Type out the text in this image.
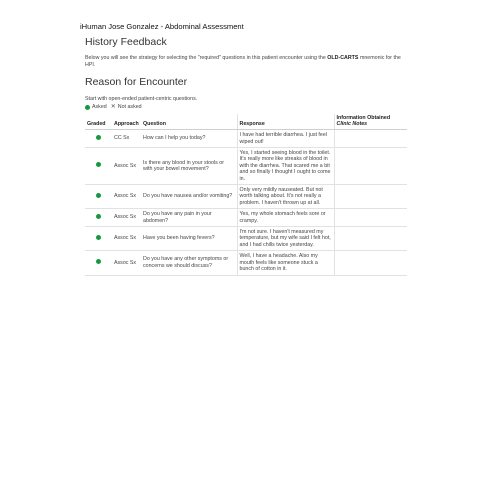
iHuman Jose Gonzalez - Abdominal Assessment
History Feedback

Below you will see the strategy for selecting the "required" questions in this patient encounter using the OLD-CARTS mnemonic for the HPI.

Reason for Encounter

Start with open-ended patient-centric questions.

Asked ✕ Not asked
Graded	Approach	Question	Response	Information Obtained
Clinic Notes

	CC Sx	How can I help you today?	I have had terrible diarrhea. I just feel wiped out!	
	Assoc Sx	Is there any blood in your stools or with your bowel movement?	Yes, I started seeing blood in the toilet. It's really more like streaks of blood in with the diarrhea. That scared me a bit and so finally I thought I ought to come in.	
	Assoc Sx	Do you have nausea and/or vomiting?	Only very mildly nauseated. But not worth talking about. It's not really a problem. I haven't thrown up at all.	
	Assoc Sx	Do you have any pain in your abdomen?	Yes, my whole stomach feels sore or crampy.	
	Assoc Sx	Have you been having fevers?	I'm not sure. I haven't measured my temperature, but my wife said I felt hot, and I had chills twice yesterday.	
	Assoc Sx	Do you have any other symptoms or concerns we should discuss?	Well, I have a headache. Also my mouth feels like someone stuck a bunch of cotton in it.	
